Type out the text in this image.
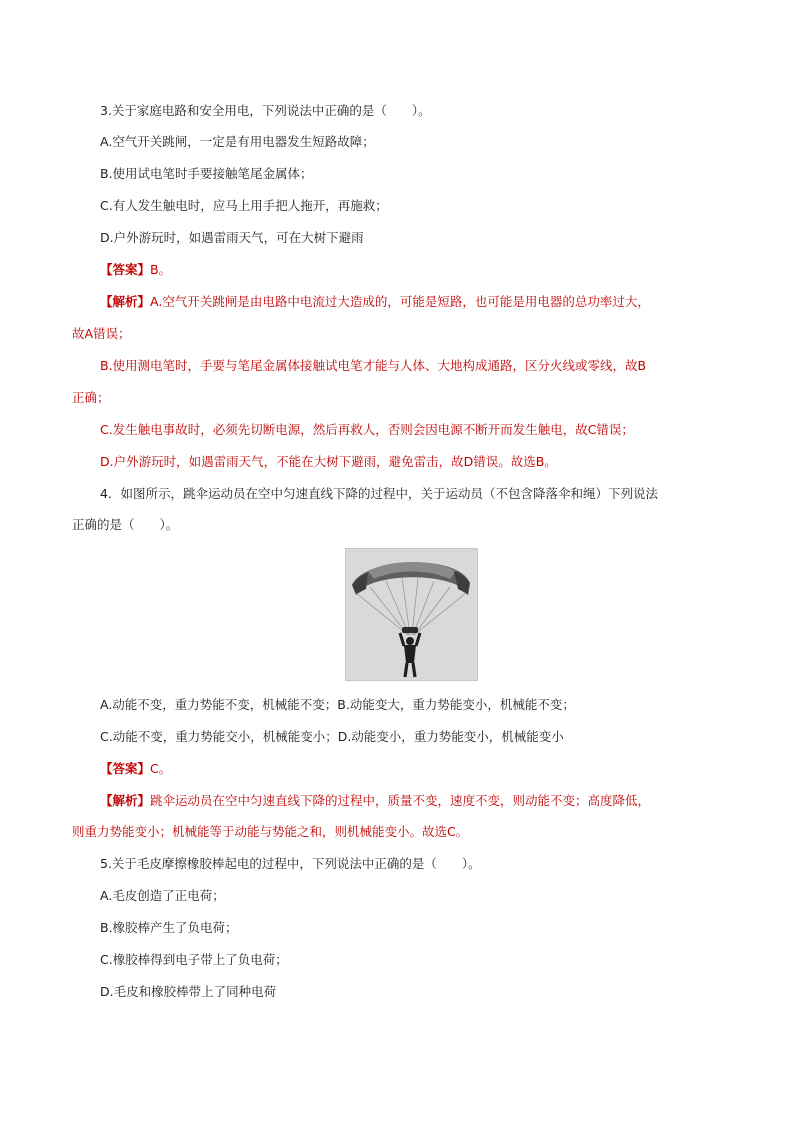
3.关于家庭电路和安全用电，下列说法中正确的是（　　）。
A.空气开关跳闸，一定是有用电器发生短路故障；
B.使用试电笔时手要接触笔尾金属体；
C.有人发生触电时，应马上用手把人拖开，再施救；
D.户外游玩时，如遇雷雨天气，可在大树下避雨
【答案】B。
【解析】A.空气开关跳闸是由电路中电流过大造成的，可能是短路，也可能是用电器的总功率过大，
故A错误；
B.使用测电笔时，手要与笔尾金属体接触试电笔才能与人体、大地构成通路，区分火线或零线，故B
正确；
C.发生触电事故时，必须先切断电源，然后再救人，否则会因电源不断开而发生触电，故C错误；
D.户外游玩时，如遇雷雨天气，不能在大树下避雨，避免雷击，故D错误。故选B。
4．如图所示，跳伞运动员在空中匀速直线下降的过程中，关于运动员（不包含降落伞和绳）下列说法
正确的是（　　）。
A.动能不变，重力势能不变，机械能不变；B.动能变大，重力势能变小，机械能不变；
C.动能不变，重力势能交小，机械能变小；D.动能变小，重力势能变小，机械能变小
【答案】C。
【解析】跳伞运动员在空中匀速直线下降的过程中，质量不变，速度不变，则动能不变；高度降低，
则重力势能变小；机械能等于动能与势能之和，则机械能变小。故选C。
5.关于毛皮摩擦橡胶棒起电的过程中，下列说法中正确的是（　　）。
A.毛皮创造了正电荷；
B.橡胶棒产生了负电荷；
C.橡胶棒得到电子带上了负电荷；
D.毛皮和橡胶棒带上了同种电荷
